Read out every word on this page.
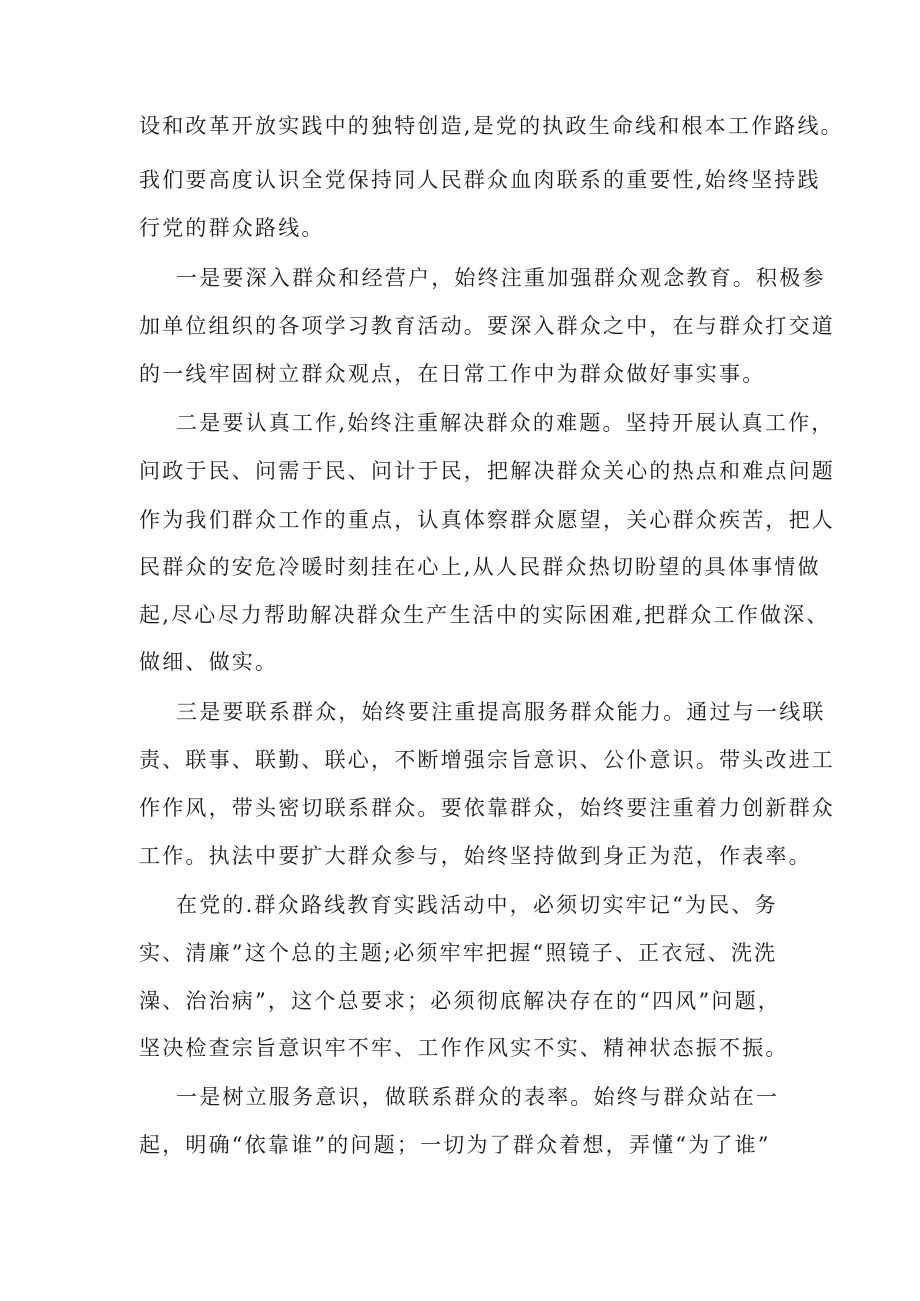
设和改革开放实践中的独特创造,是党的执政生命线和根本工作路线。
我们要高度认识全党保持同人民群众血肉联系的重要性,始终坚持践
行党的群众路线。
一是要深入群众和经营户，始终注重加强群众观念教育。积极参
加单位组织的各项学习教育活动。要深入群众之中，在与群众打交道
的一线牢固树立群众观点，在日常工作中为群众做好事实事。
二是要认真工作,始终注重解决群众的难题。坚持开展认真工作，
问政于民、问需于民、问计于民，把解决群众关心的热点和难点问题
作为我们群众工作的重点，认真体察群众愿望，关心群众疾苦，把人
民群众的安危冷暖时刻挂在心上,从人民群众热切盼望的具体事情做
起,尽心尽力帮助解决群众生产生活中的实际困难,把群众工作做深、
做细、做实。
三是要联系群众，始终要注重提高服务群众能力。通过与一线联
责、联事、联勤、联心，不断增强宗旨意识、公仆意识。带头改进工
作作风，带头密切联系群众。要依靠群众，始终要注重着力创新群众
工作。执法中要扩大群众参与，始终坚持做到身正为范，作表率。
在党的.群众路线教育实践活动中，必须切实牢记“为民、务
实、清廉”这个总的主题;必须牢牢把握“照镜子、正衣冠、洗洗
澡、治治病”，这个总要求；必须彻底解决存在的“四风”问题，
坚决检查宗旨意识牢不牢、工作作风实不实、精神状态振不振。
一是树立服务意识，做联系群众的表率。始终与群众站在一
起，明确“依靠谁”的问题；一切为了群众着想，弄懂“为了谁”
